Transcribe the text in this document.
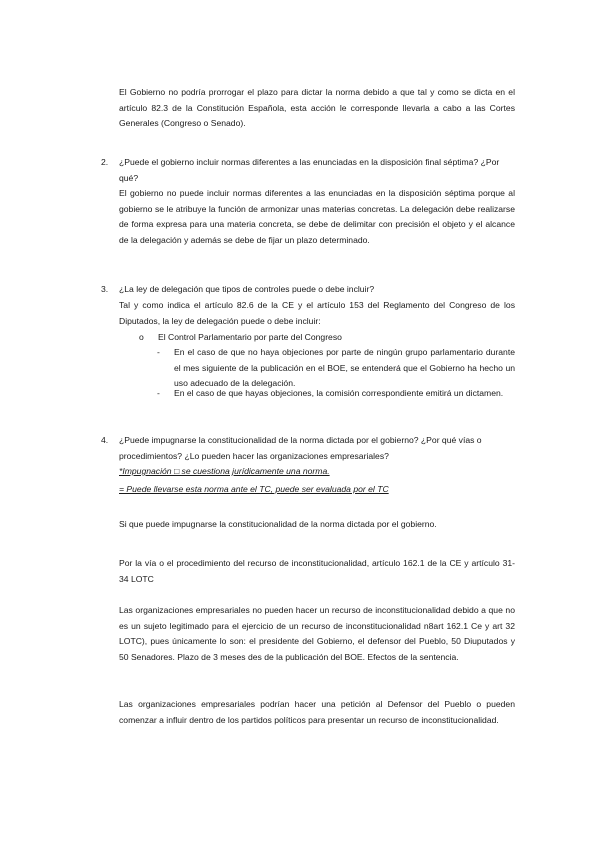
El Gobierno no podría prorrogar el plazo para dictar la norma debido a que tal y como se dicta en el artículo 82.3 de la Constitución Española, esta acción le corresponde llevarla a cabo a las Cortes Generales (Congreso o Senado).

2. ¿Puede el gobierno incluir normas diferentes a las enunciadas en la disposición final séptima? ¿Por qué?

El gobierno no puede incluir normas diferentes a las enunciadas en la disposición séptima porque al gobierno se le atribuye la función de armonizar unas materias concretas. La delegación debe realizarse de forma expresa para una materia concreta, se debe de delimitar con precisión el objeto y el alcance de la delegación y además se debe de fijar un plazo determinado.

3. ¿La ley de delegación que tipos de controles puede o debe incluir?

Tal y como indica el artículo 82.6 de la CE y el artículo 153 del Reglamento del Congreso de los Diputados, la ley de delegación puede o debe incluir:

o El Control Parlamentario por parte del Congreso

- En el caso de que no haya objeciones por parte de ningún grupo parlamentario durante el mes siguiente de la publicación en el BOE, se entenderá que el Gobierno ha hecho un uso adecuado de la delegación.

- En el caso de que hayas objeciones, la comisión correspondiente emitirá un dictamen.

4. ¿Puede impugnarse la constitucionalidad de la norma dictada por el gobierno? ¿Por qué vías o procedimientos? ¿Lo pueden hacer las organizaciones empresariales?

*Impugnación □ se cuestiona jurídicamente una norma.

= Puede llevarse esta norma ante el TC, puede ser evaluada por el TC

Si que puede impugnarse la constitucionalidad de la norma dictada por el gobierno.

Por la vía o el procedimiento del recurso de inconstitucionalidad, artículo 162.1 de la CE y artículo 31-34 LOTC

Las organizaciones empresariales no pueden hacer un recurso de inconstitucionalidad debido a que no es un sujeto legitimado para el ejercicio de un recurso de inconstitucionalidad n8art 162.1 Ce y art 32 LOTC), pues únicamente lo son: el presidente del Gobierno, el defensor del Pueblo, 50 Diuputados y 50 Senadores. Plazo de 3 meses des de la publicación del BOE. Efectos de la sentencia.

Las organizaciones empresariales podrían hacer una petición al Defensor del Pueblo o pueden comenzar a influir dentro de los partidos políticos para presentar un recurso de inconstitucionalidad.
